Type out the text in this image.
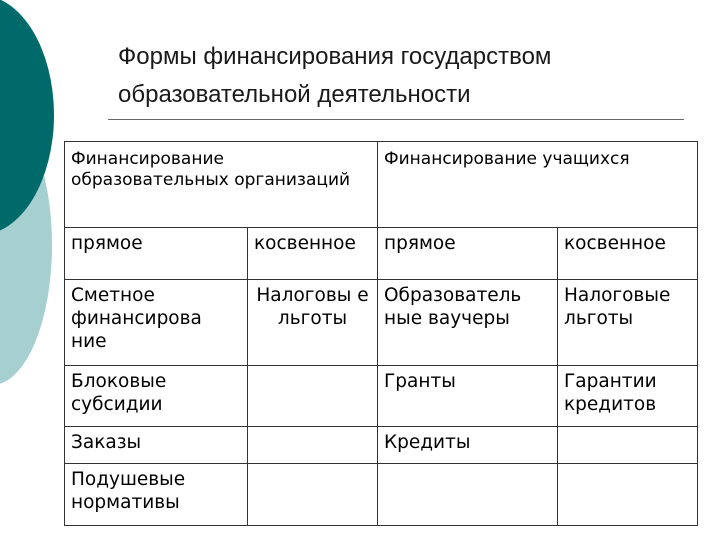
Формы финансирования государством
образовательной деятельности
Финансирование образовательных организаций		Финансирование учащихся	
прямое	косвенное	прямое	косвенное
Сметное финансирова ние	Налоговы е льготы	Образователь ные ваучеры	Налоговые льготы
Блоковые субсидии		Гранты	Гарантии кредитов
Заказы		Кредиты	
Подушевые нормативы			
